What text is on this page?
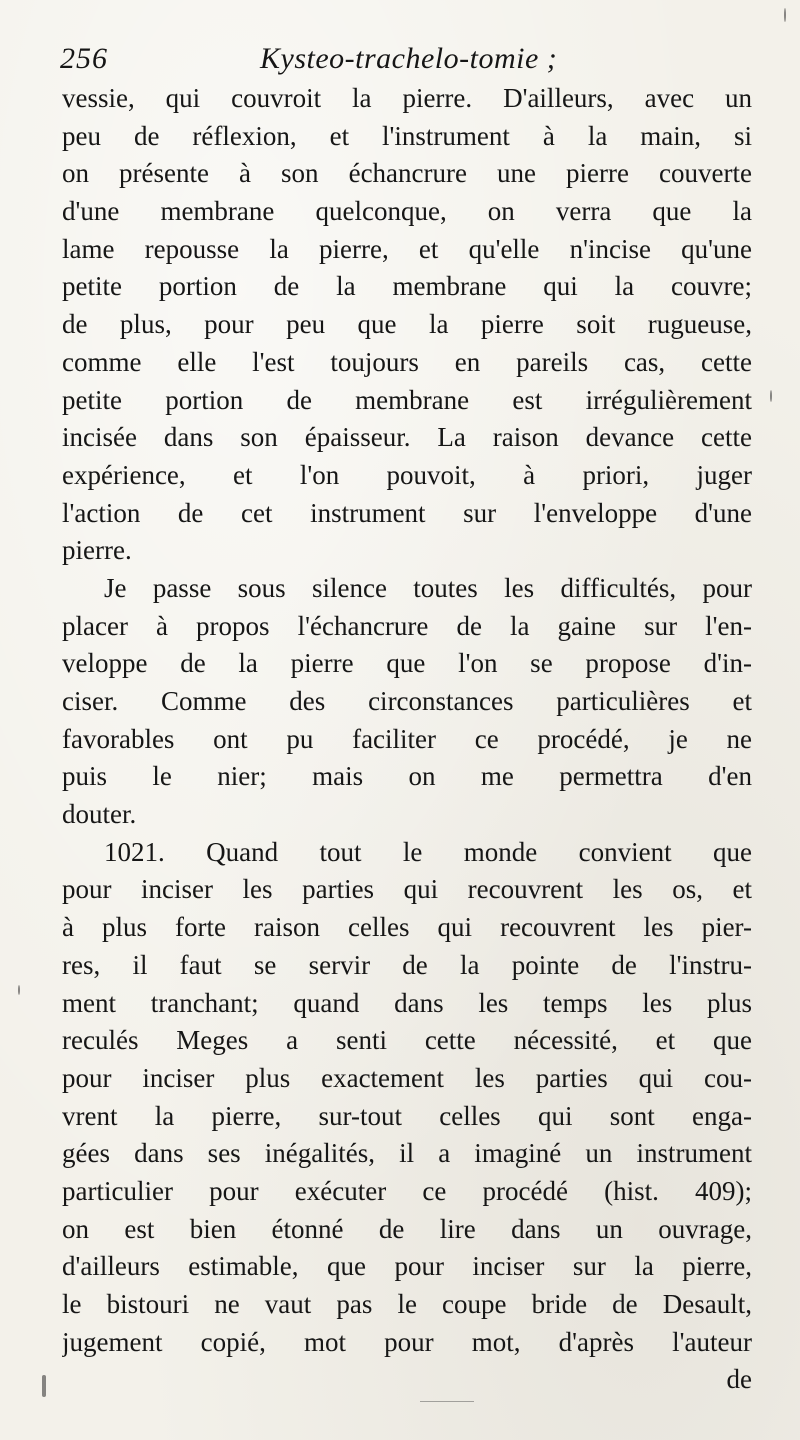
256	Kysteo-trachelo-tomie ;
vessie, qui couvroit la pierre. D'ailleurs, avec un
peu de réflexion, et l'instrument à la main, si
on présente à son échancrure une pierre couverte
d'une membrane quelconque, on verra que la
lame repousse la pierre, et qu'elle n'incise qu'une
petite portion de la membrane qui la couvre;
de plus, pour peu que la pierre soit rugueuse,
comme elle l'est toujours en pareils cas, cette
petite portion de membrane est irrégulièrement
incisée dans son épaisseur. La raison devance cette
expérience, et l'on pouvoit, à priori, juger
l'action de cet instrument sur l'enveloppe d'une
pierre.
Je passe sous silence toutes les difficultés, pour
placer à propos l'échancrure de la gaine sur l'en-
veloppe de la pierre que l'on se propose d'in-
ciser. Comme des circonstances particulières et
favorables ont pu faciliter ce procédé, je ne
puis le nier; mais on me permettra d'en
douter.
1021. Quand tout le monde convient que
pour inciser les parties qui recouvrent les os, et
à plus forte raison celles qui recouvrent les pier-
res, il faut se servir de la pointe de l'instru-
ment tranchant; quand dans les temps les plus
reculés Meges a senti cette nécessité, et que
pour inciser plus exactement les parties qui cou-
vrent la pierre, sur-tout celles qui sont enga-
gées dans ses inégalités, il a imaginé un instrument
particulier pour exécuter ce procédé (hist. 409);
on est bien étonné de lire dans un ouvrage,
d'ailleurs estimable, que pour inciser sur la pierre,
le bistouri ne vaut pas le coupe bride de Desault,
jugement copié, mot pour mot, d'après l'auteur
de
